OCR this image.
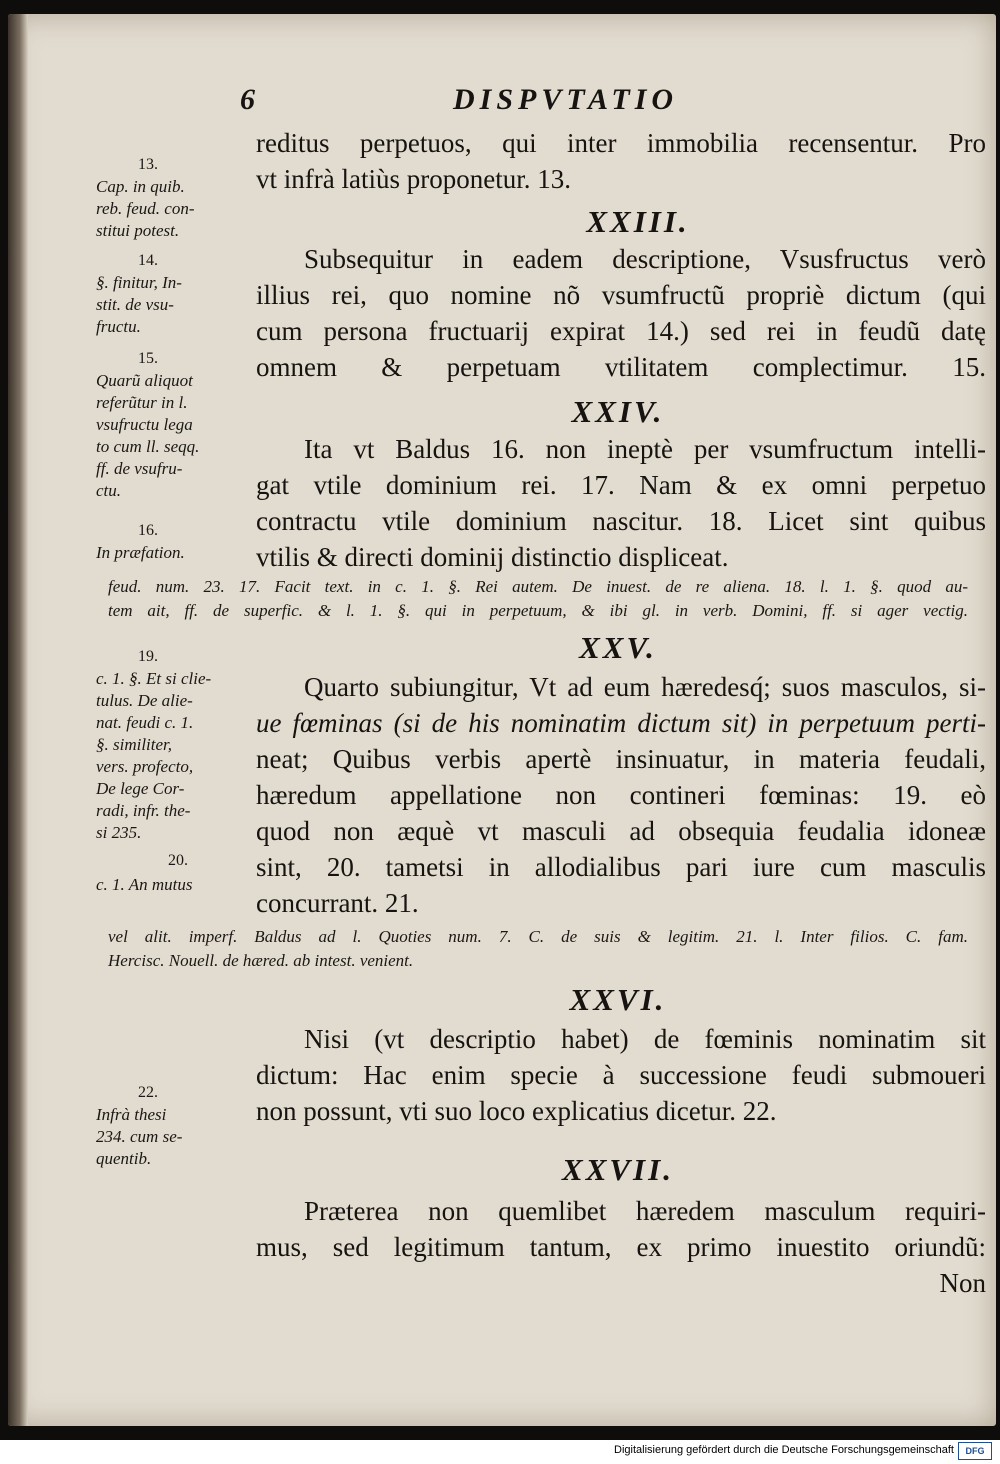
6	DISPVTATIO
13.
Cap. in quib.
reb. feud. con-
stitui potest.
14.
§. finitur, In-
stit. de vsu-
fructu.
15.
Quarũ aliquot
referũtur in l.
vsufructu lega
to cum ll. seqq.
ff. de vsufru-
ctu.
16.
In præfation.
19.
c. 1. §. Et si clie-
tulus. De alie-
nat. feudi c. 1.
§. similiter,
vers. profecto,
De lege Cor-
radi, infr. the-
si 235.
20.
c. 1. An mutus
22.
Infrà thesi
234. cum se-
quentib.
reditus perpetuos, qui inter immobilia recensentur. Pro
vt infrà latiùs proponetur. 13.
XXIII.
Subsequitur in eadem descriptione, Vsusfructus verò
illius rei, quo nomine nõ vsumfructũ propriè dictum (qui
cum persona fructuarij expirat 14.) sed rei in feudũ datę
omnem & perpetuam vtilitatem complectimur. 15.
XXIV.
Ita vt Baldus 16. non ineptè per vsumfructum intelli-
gat vtile dominium rei. 17. Nam & ex omni perpetuo
contractu vtile dominium nascitur. 18. Licet sint quibus
vtilis & directi dominij distinctio displiceat.
feud. num. 23. 17. Facit text. in c. 1. §. Rei autem. De inuest. de re aliena. 18. l. 1. §. quod au-
tem ait, ff. de superfic. & l. 1. §. qui in perpetuum, & ibi gl. in verb. Domini, ff. si ager vectig.
XXV.
Quarto subiungitur, Vt ad eum hæredesq́; suos masculos, si-
ue fœminas (si de his nominatim dictum sit) in perpetuum perti-
neat; Quibus verbis apertè insinuatur, in materia feudali,
hæredum appellatione non contineri fœminas: 19. eò
quod non æquè vt masculi ad obsequia feudalia idoneæ
sint, 20. tametsi in allodialibus pari iure cum masculis
concurrant. 21.
vel alit. imperf. Baldus ad l. Quoties num. 7. C. de suis & legitim. 21. l. Inter filios. C. fam.
Hercisc. Nouell. de hæred. ab intest. venient.
XXVI.
Nisi (vt descriptio habet) de fœminis nominatim sit
dictum: Hac enim specie à successione feudi submoueri
non possunt, vti suo loco explicatius dicetur. 22.
XXVII.
Præterea non quemlibet hæredem masculum requiri-
mus, sed legitimum tantum, ex primo inuestito oriundũ:
Non
Digitalisierung gefördert durch die Deutsche Forschungsgemeinschaft	DFG
